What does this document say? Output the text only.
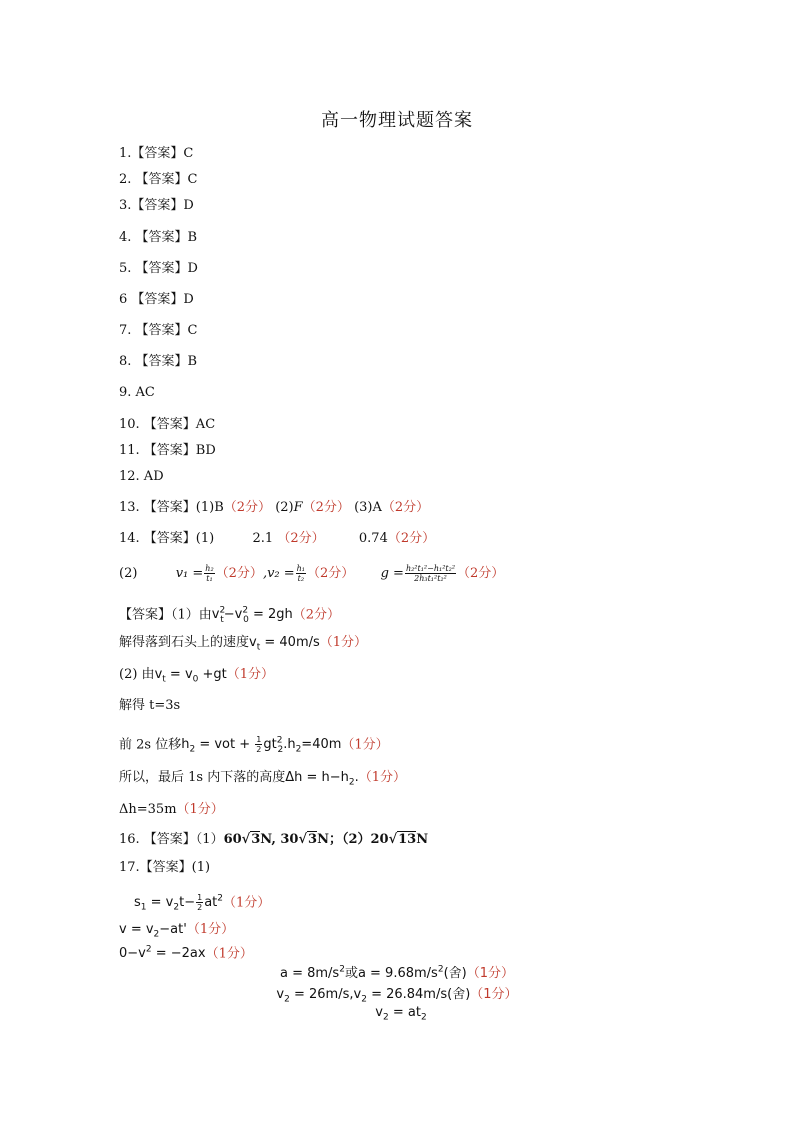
高一物理试题答案
1.【答案】C
2. 【答案】C
3.【答案】D
4. 【答案】B
5. 【答案】D
6 【答案】D
7. 【答案】C
8. 【答案】B
9. AC
10. 【答案】AC
11. 【答案】BD
12. AD
13. 【答案】(1)B（2分） (2)F（2分） (3)A（2分）
14. 【答案】(1)	2.1 （2分）	0.74（2分）
(2)	$v_1 = \frac{\text{h₂}}{\text{t₁}} (2$分）$,v_2 = \frac{\text{h₁}}{\text{t₂}} (2$分） $g = \frac{\text{h₂²t₁²−h₁²t₂²}}{\text{2h₃t₁²t₂²}} (2$分）
【答案】（1）由$v^2_t-v^2_0 = 2gh(2$分）
解得落到石头上的速度$v_t = 40m/s(1$分）
(2) 由$v_t = v_0 +gt(1$分）
解得 t=3s
前 2s 位移$h_2$ = vot + $\frac{1}{2} gt^2_2.h_2=40m(1$分）
所以，最后 1s 内下落的高度$\Delta h = h-h_2.(1$分）
Δh=35m（1分）
16. 【答案】（1）60√3N, 30√3N；（2）20√13N
17.【答案】(1)
$s_1 = v_2t- \frac{1}{2} at^2(1$分）
$v = v_2-at'(1$分）
$0-v^2 = -2ax(1$分）
$a = 8m/s^2$或$a = 9.68m/s^2$(舍)（1分）
$v_2 = 26m/s,v_2 = 26.84m/s$(舍)（1分）
$v_2 = at_2$
